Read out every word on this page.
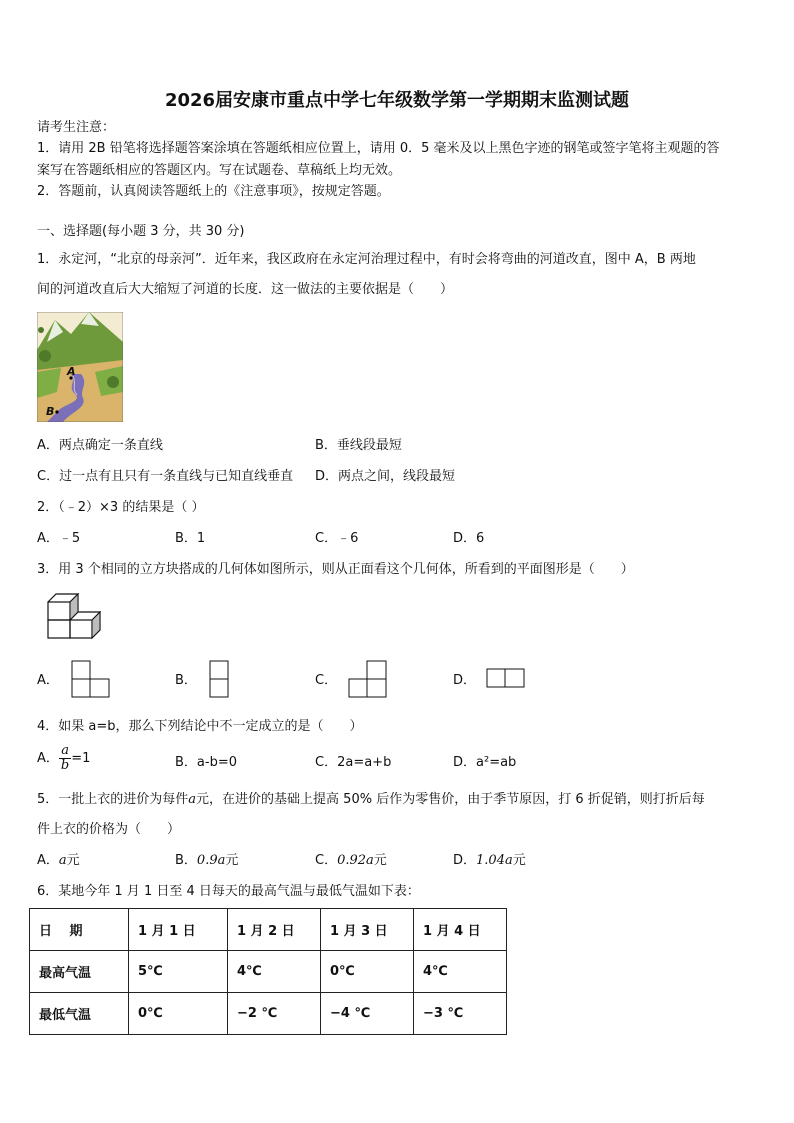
2026届安康市重点中学七年级数学第一学期期末监测试题
请考生注意：
1．请用 2B 铅笔将选择题答案涂填在答题纸相应位置上，请用 0．5 毫米及以上黑色字迹的钢笔或签字笔将主观题的答
案写在答题纸相应的答题区内。写在试题卷、草稿纸上均无效。
2．答题前，认真阅读答题纸上的《注意事项》，按规定答题。
一、选择题(每小题 3 分，共 30 分)
1．永定河，“北京的母亲河”．近年来，我区政府在永定河治理过程中，有时会将弯曲的河道改直，图中 A，B 两地
间的河道改直后大大缩短了河道的长度．这一做法的主要依据是（　　）
A
B
A．两点确定一条直线	B．垂线段最短
C．过一点有且只有一条直线与已知直线垂直 D．两点之间，线段最短
2．（﹣2）×3 的结果是（ ）
A．﹣5	B．1	C．﹣6	D．6
3．用 3 个相同的立方块搭成的几何体如图所示，则从正面看这个几何体，所看到的平面图形是（　　）
A．	B．	C．	D．
4．如果 a=b，那么下列结论中不一定成立的是（　　）
A． $\frac{a}{b} =1$	B．a-b=0	C．2a=a+b	D．a²=ab
5．一批上衣的进价为每件a元，在进价的基础上提高 50% 后作为零售价，由于季节原因，打 6 折促销，则打折后每
件上衣的价格为（　　）
A．a元	B．0.9a元	C．0.92a元	D．1.04a元
6．某地今年 1 月 1 日至 4 日每天的最高气温与最低气温如下表：
日　 期	1 月 1 日	1 月 2 日	1 月 3 日	1 月 4 日
最高气温	5℃	4℃	0℃	4℃
最低气温	0℃	−2 ℃	−4 ℃	−3 ℃
